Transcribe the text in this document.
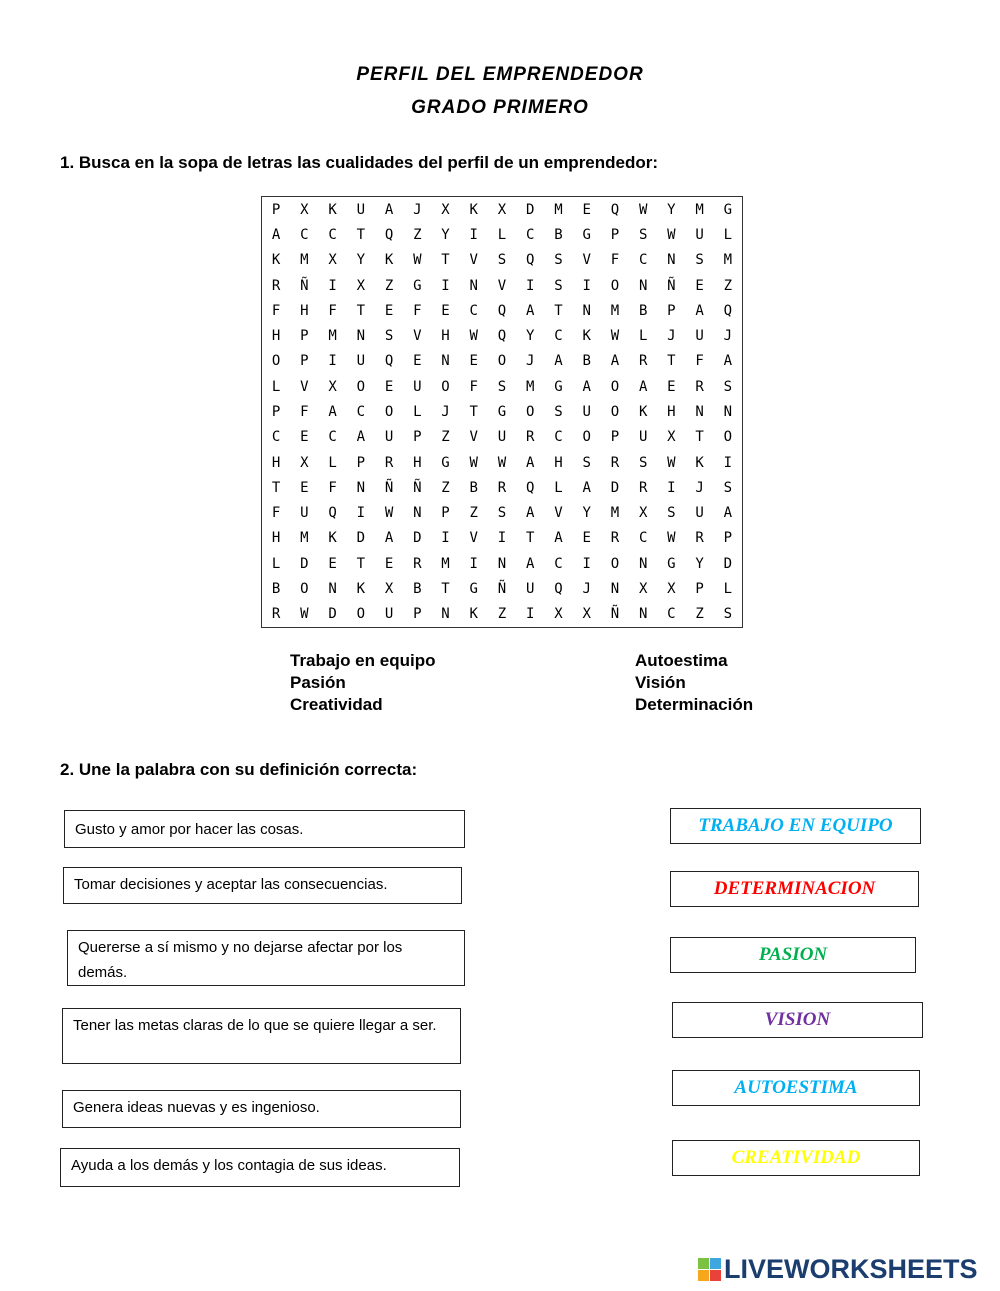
PERFIL DEL EMPRENDEDOR
GRADO PRIMERO
1. Busca en la sopa de letras las cualidades del perfil de un emprendedor:
P	X	K	U	A	J	X	K	X	D	M	E	Q	W	Y	M	G
A	C	C	T	Q	Z	Y	I	L	C	B	G	P	S	W	U	L
K	M	X	Y	K	W	T	V	S	Q	S	V	F	C	N	S	M
R	Ñ	I	X	Z	G	I	N	V	I	S	I	O	N	Ñ	E	Z
F	H	F	T	E	F	E	C	Q	A	T	N	M	B	P	A	Q
H	P	M	N	S	V	H	W	Q	Y	C	K	W	L	J	U	J
O	P	I	U	Q	E	N	E	O	J	A	B	A	R	T	F	A
L	V	X	O	E	U	O	F	S	M	G	A	O	A	E	R	S
P	F	A	C	O	L	J	T	G	O	S	U	O	K	H	N	N
C	E	C	A	U	P	Z	V	U	R	C	O	P	U	X	T	O
H	X	L	P	R	H	G	W	W	A	H	S	R	S	W	K	I
T	E	F	N	Ñ	Ñ	Z	B	R	Q	L	A	D	R	I	J	S
F	U	Q	I	W	N	P	Z	S	A	V	Y	M	X	S	U	A
H	M	K	D	A	D	I	V	I	T	A	E	R	C	W	R	P
L	D	E	T	E	R	M	I	N	A	C	I	O	N	G	Y	D
B	O	N	K	X	B	T	G	Ñ	U	Q	J	N	X	X	P	L
R	W	D	O	U	P	N	K	Z	I	X	X	Ñ	N	C	Z	S
Trabajo en equipo
Pasión
Creatividad
Autoestima
Visión
Determinación
2. Une la palabra con su definición correcta:
Gusto y amor por hacer las cosas.
Tomar decisiones y aceptar las consecuencias.
Quererse a sí mismo y no dejarse afectar por los demás.
Tener las metas claras de lo que se quiere llegar a ser.
Genera ideas nuevas y es ingenioso.
Ayuda a los demás y los contagia de sus ideas.
TRABAJO EN EQUIPO
DETERMINACION
PASION
VISION
AUTOESTIMA
CREATIVIDAD
LIVEWORKSHEETS
